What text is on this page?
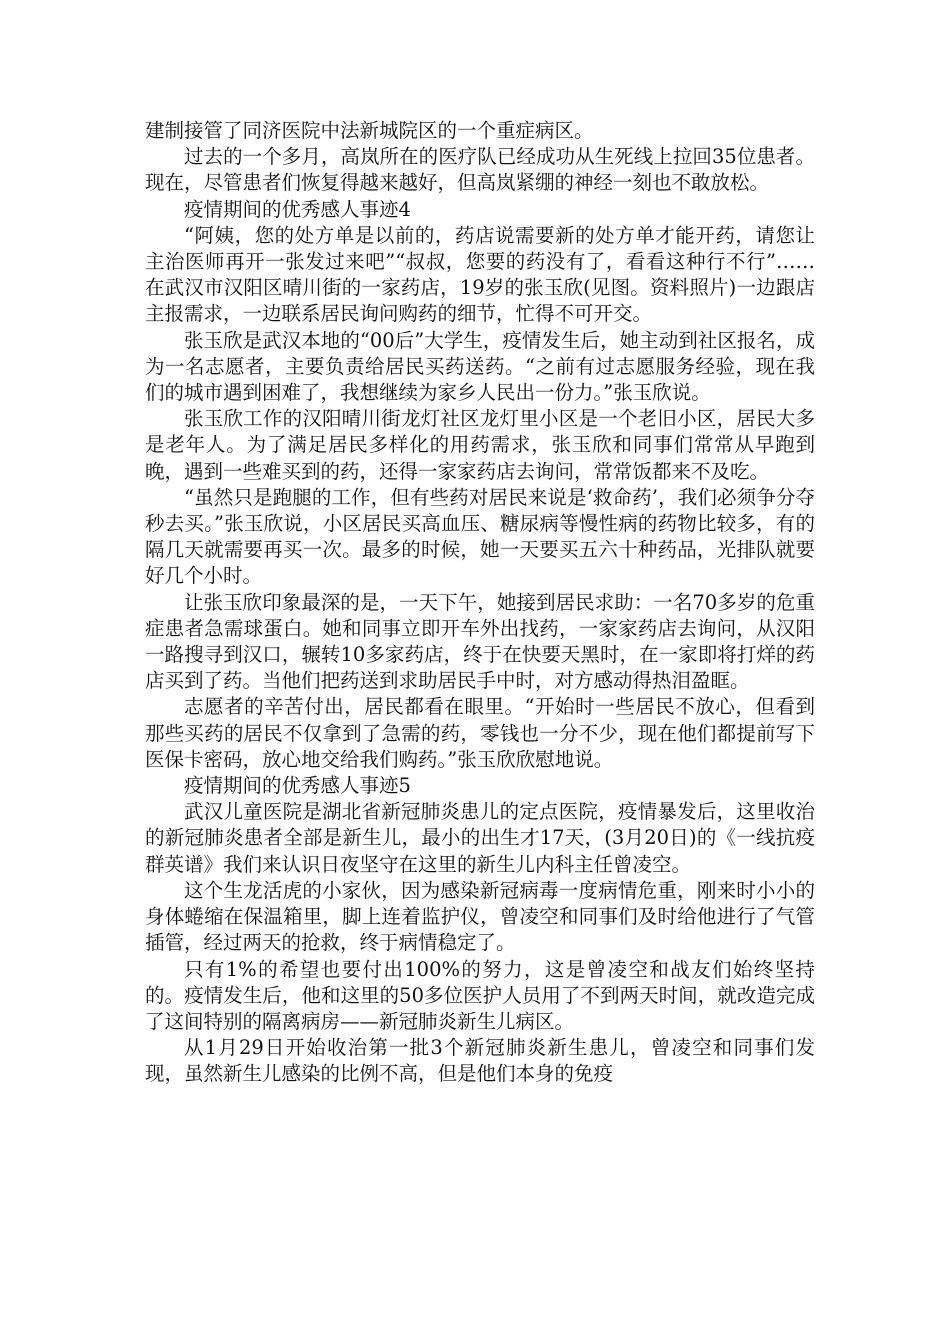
建制接管了同济医院中法新城院区的一个重症病区。

过去的一个多月，高岚所在的医疗队已经成功从生死线上拉回35位患者。现在，尽管患者们恢复得越来越好，但高岚紧绷的神经一刻也不敢放松。

疫情期间的优秀感人事迹4

“阿姨，您的处方单是以前的，药店说需要新的处方单才能开药，请您让主治医师再开一张发过来吧”“叔叔，您要的药没有了，看看这种行不行”……在武汉市汉阳区晴川街的一家药店，19岁的张玉欣(见图。资料照片)一边跟店主报需求，一边联系居民询问购药的细节，忙得不可开交。

张玉欣是武汉本地的“00后”大学生，疫情发生后，她主动到社区报名，成为一名志愿者，主要负责给居民买药送药。“之前有过志愿服务经验，现在我们的城市遇到困难了，我想继续为家乡人民出一份力。”张玉欣说。

张玉欣工作的汉阳晴川街龙灯社区龙灯里小区是一个老旧小区，居民大多是老年人。为了满足居民多样化的用药需求，张玉欣和同事们常常从早跑到晚，遇到一些难买到的药，还得一家家药店去询问，常常饭都来不及吃。

“虽然只是跑腿的工作，但有些药对居民来说是‘救命药’，我们必须争分夺秒去买。”张玉欣说，小区居民买高血压、糖尿病等慢性病的药物比较多，有的隔几天就需要再买一次。最多的时候，她一天要买五六十种药品，光排队就要好几个小时。

让张玉欣印象最深的是，一天下午，她接到居民求助：一名70多岁的危重症患者急需球蛋白。她和同事立即开车外出找药，一家家药店去询问，从汉阳一路搜寻到汉口，辗转10多家药店，终于在快要天黑时，在一家即将打烊的药店买到了药。当他们把药送到求助居民手中时，对方感动得热泪盈眶。

志愿者的辛苦付出，居民都看在眼里。“开始时一些居民不放心，但看到那些买药的居民不仅拿到了急需的药，零钱也一分不少，现在他们都提前写下医保卡密码，放心地交给我们购药。”张玉欣欣慰地说。

疫情期间的优秀感人事迹5

武汉儿童医院是湖北省新冠肺炎患儿的定点医院，疫情暴发后，这里收治的新冠肺炎患者全部是新生儿，最小的出生才17天，(3月20日)的《一线抗疫群英谱》我们来认识日夜坚守在这里的新生儿内科主任曾凌空。

这个生龙活虎的小家伙，因为感染新冠病毒一度病情危重，刚来时小小的身体蜷缩在保温箱里，脚上连着监护仪，曾凌空和同事们及时给他进行了气管插管，经过两天的抢救，终于病情稳定了。

只有1%的希望也要付出100%的努力，这是曾凌空和战友们始终坚持的。疫情发生后，他和这里的50多位医护人员用了不到两天时间，就改造完成了这间特别的隔离病房——新冠肺炎新生儿病区。

从1月29日开始收治第一批3个新冠肺炎新生患儿，曾凌空和同事们发现，虽然新生儿感染的比例不高，但是他们本身的免疫
